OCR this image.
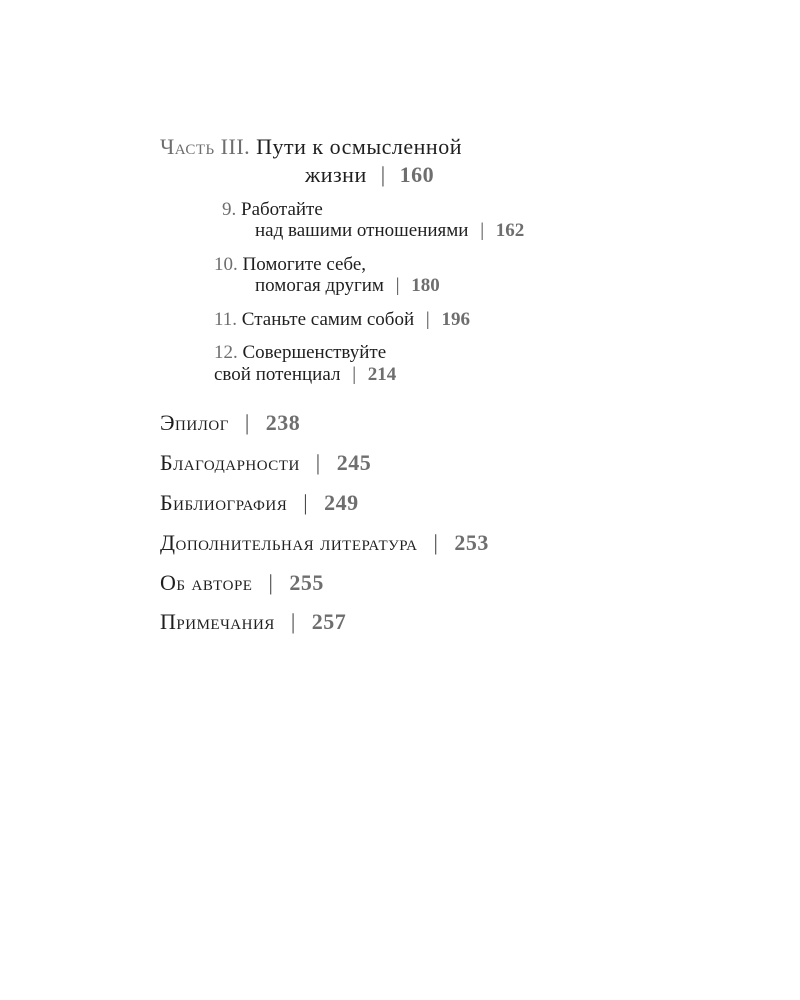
Часть III. Пути к осмысленной
жизни | 160
9. Работайте
над вашими отношениями | 162
10. Помогите себе,
помогая другим | 180
11. Станьте самим собой | 196
12. Совершенствуйте
свой потенциал | 214
Эпилог | 238
Благодарности | 245
Библиография | 249
Дополнительная литература | 253
Об авторе | 255
Примечания | 257
